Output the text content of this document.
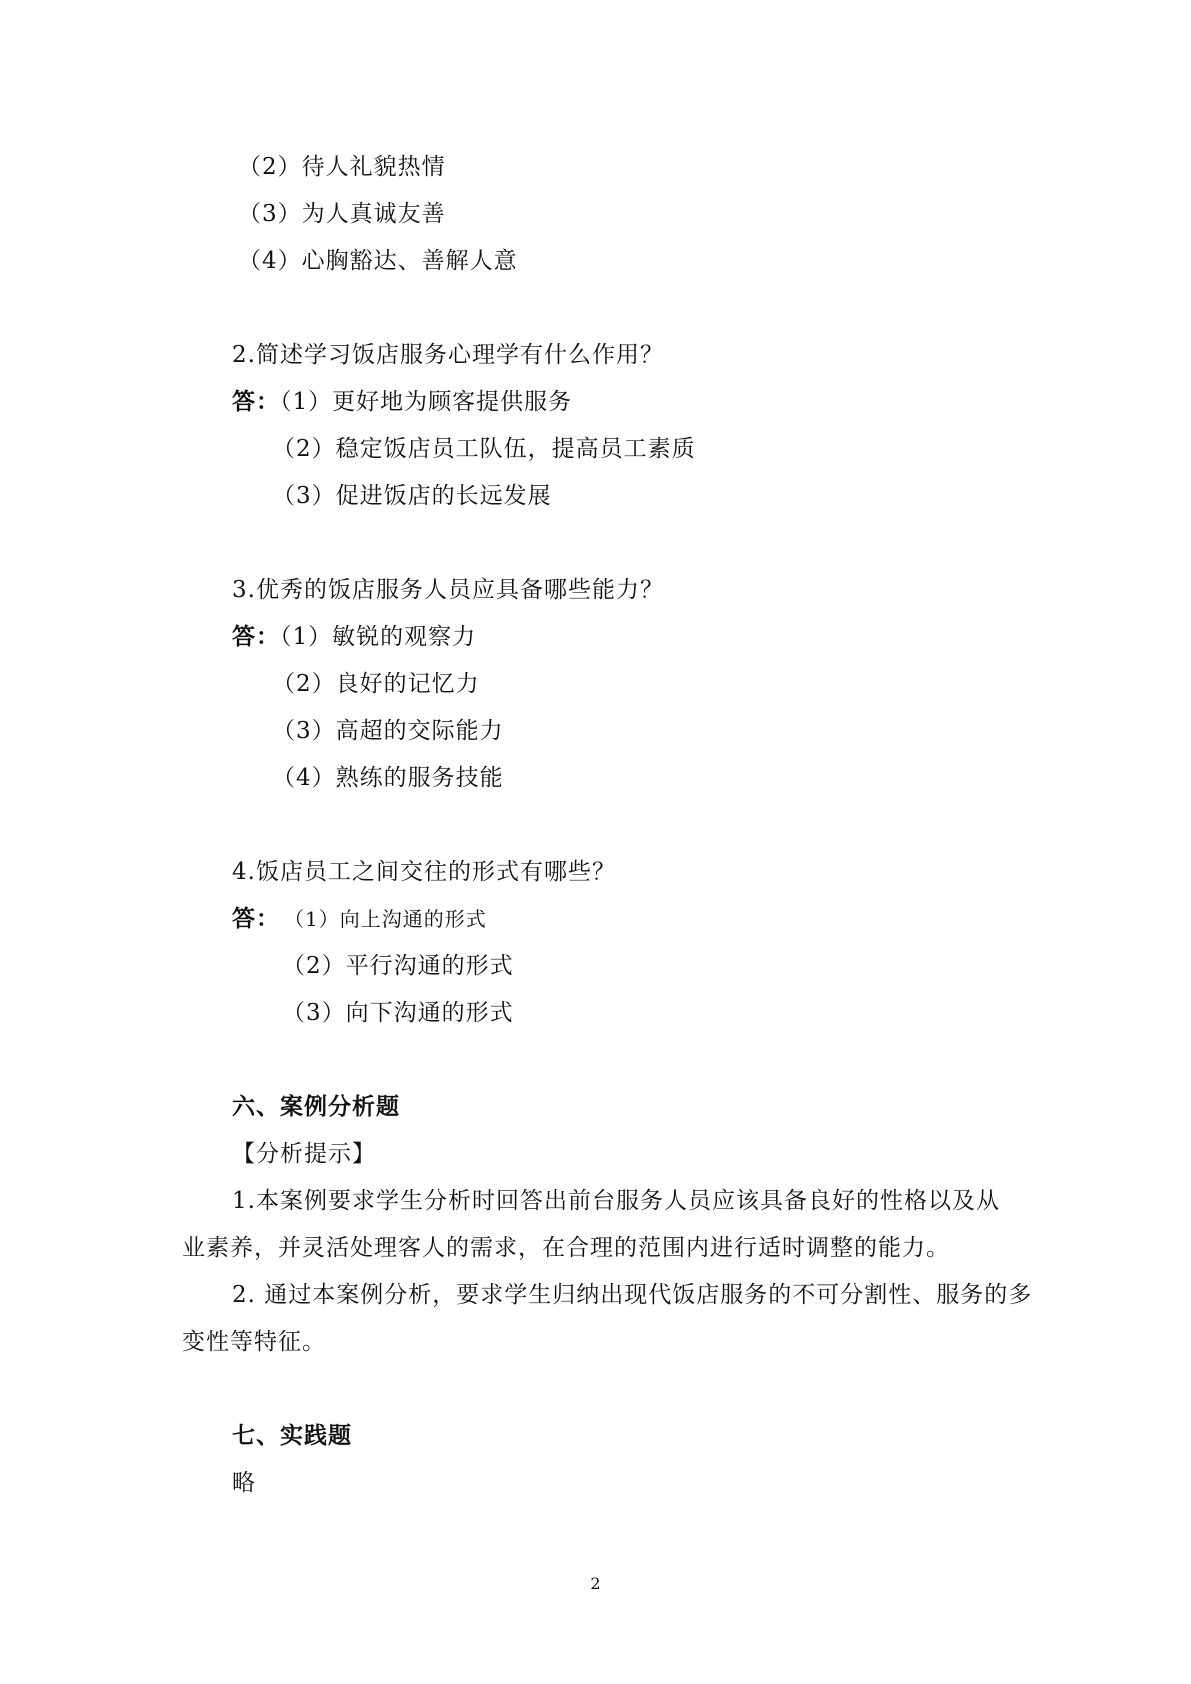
（2）待人礼貌热情
（3）为人真诚友善
（4）心胸豁达、善解人意
2.简述学习饭店服务心理学有什么作用？
答：（1）更好地为顾客提供服务
（2）稳定饭店员工队伍，提高员工素质
（3）促进饭店的长远发展
3.优秀的饭店服务人员应具备哪些能力？
答：（1）敏锐的观察力
（2）良好的记忆力
（3）高超的交际能力
（4）熟练的服务技能
4.饭店员工之间交往的形式有哪些？
答： （1）向上沟通的形式
（2）平行沟通的形式
（3）向下沟通的形式
六、案例分析题
【分析提示】
1.本案例要求学生分析时回答出前台服务人员应该具备良好的性格以及从
业素养，并灵活处理客人的需求，在合理的范围内进行适时调整的能力。
2. 通过本案例分析，要求学生归纳出现代饭店服务的不可分割性、服务的多
变性等特征。
七、实践题
略
2
